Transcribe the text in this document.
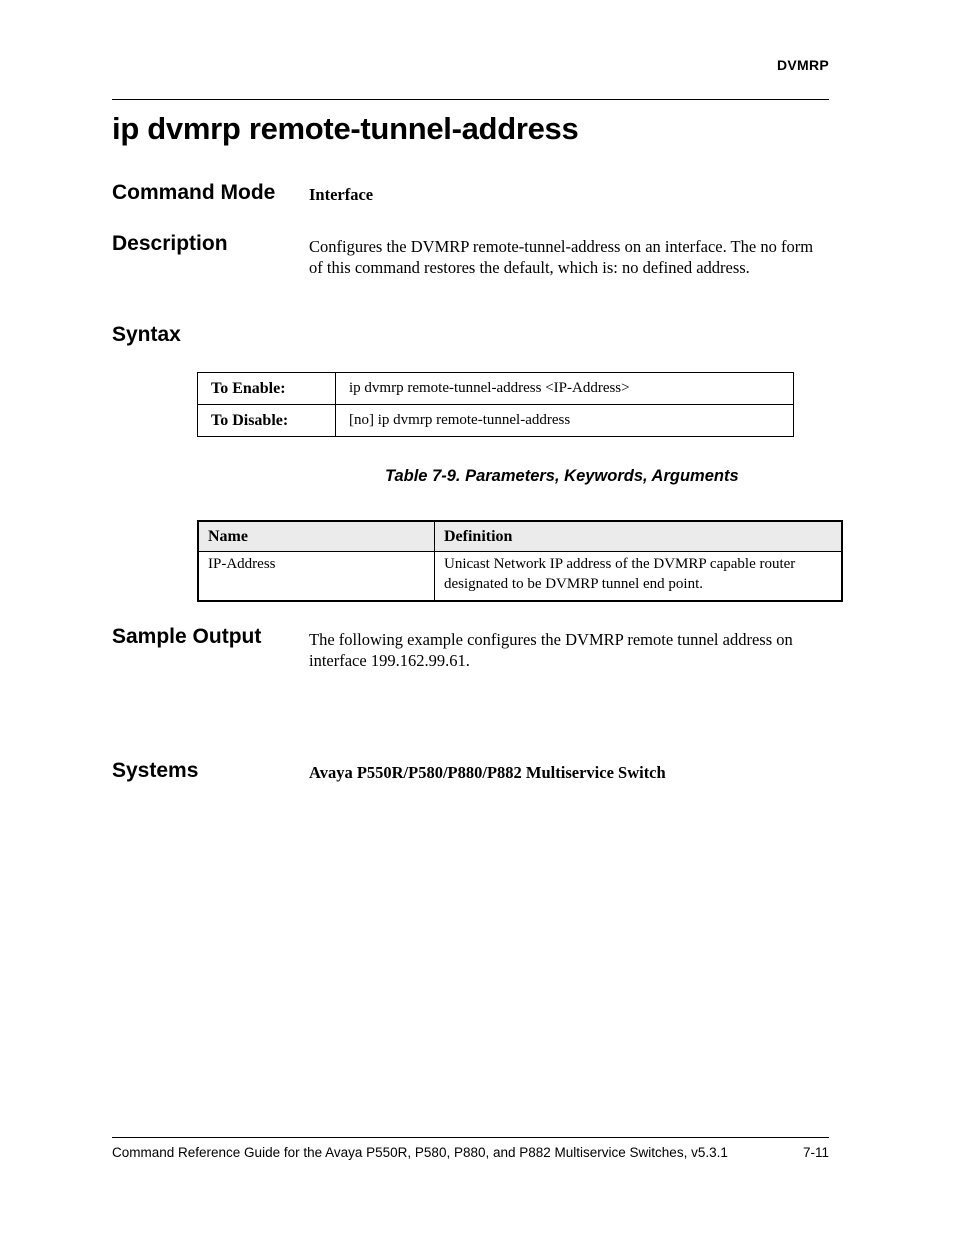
DVMRP
ip dvmrp remote-tunnel-address
Command Mode Interface
Description	Configures the DVMRP remote-tunnel-address on an interface. The no form of this command restores the default, which is: no defined address.
Syntax
To Enable:	ip dvmrp remote-tunnel-address <IP-Address>
To Disable:	[no] ip dvmrp remote-tunnel-address
Table 7-9. Parameters, Keywords, Arguments
Name	Definition
IP-Address	Unicast Network IP address of the DVMRP capable router designated to be DVMRP tunnel end point.
Sample Output	The following example configures the DVMRP remote tunnel address on interface 199.162.99.61.
Systems	Avaya P550R/P580/P880/P882 Multiservice Switch
Command Reference Guide for the Avaya P550R, P580, P880, and P882 Multiservice Switches, v5.3.1	7-11
